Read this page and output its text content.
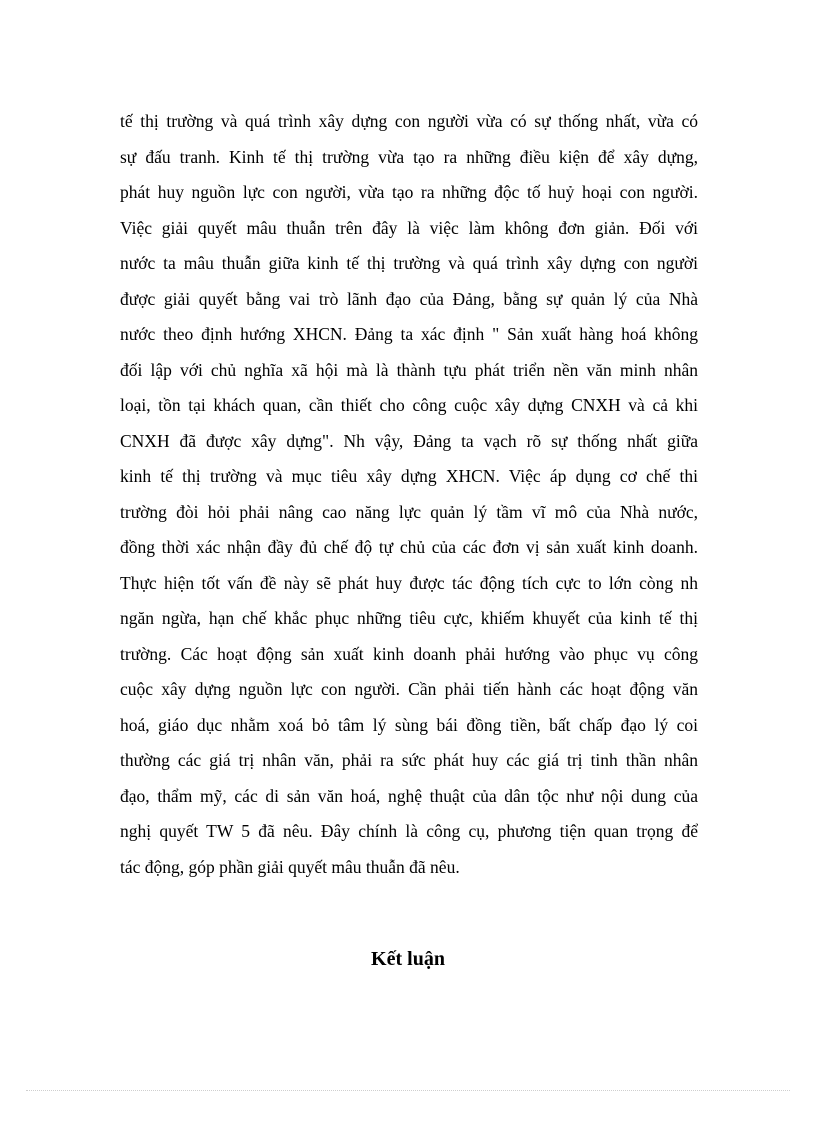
tế thị trường và quá trình xây dựng con người vừa có sự thống nhất, vừa có
sự đấu tranh. Kinh tế thị trường vừa tạo ra những điều kiện để xây dựng,
phát huy nguồn lực con người, vừa tạo ra những độc tố huỷ hoại con người.
Việc giải quyết mâu thuẫn trên đây là việc làm không đơn giản. Đối với
nước ta mâu thuẫn giữa kinh tế thị trường và quá trình xây dựng con người
được giải quyết bằng vai trò lãnh đạo của Đảng, bằng sự quản lý của Nhà
nước theo định hướng XHCN. Đảng ta xác định " Sản xuất hàng hoá không
đối lập với chủ nghĩa xã hội mà là thành tựu phát triển nền văn minh nhân
loại, tồn tại khách quan, cần thiết cho công cuộc xây dựng CNXH và cả khi
CNXH đã được xây dựng". Nh vậy, Đảng ta vạch rõ sự thống nhất giữa
kinh tế thị trường và mục tiêu xây dựng XHCN. Việc áp dụng cơ chế thi
trường đòi hỏi phải nâng cao năng lực quản lý tầm vĩ mô của Nhà nước,
đồng thời xác nhận đầy đủ chế độ tự chủ của các đơn vị sản xuất kinh doanh.
Thực hiện tốt vấn đề này sẽ phát huy được tác động tích cực to lớn còng nh
ngăn ngừa, hạn chế khắc phục những tiêu cực, khiếm khuyết của kinh tế thị
trường. Các hoạt động sản xuất kinh doanh phải hướng vào phục vụ công
cuộc xây dựng nguồn lực con người. Cần phải tiến hành các hoạt động văn
hoá, giáo dục nhằm xoá bỏ tâm lý sùng bái đồng tiền, bất chấp đạo lý coi
thường các giá trị nhân văn, phải ra sức phát huy các giá trị tinh thần nhân
đạo, thẩm mỹ, các di sản văn hoá, nghệ thuật của dân tộc như nội dung của
nghị quyết TW 5 đã nêu. Đây chính là công cụ, phương tiện quan trọng để
tác động, góp phần giải quyết mâu thuẫn đã nêu.
Kết luận
